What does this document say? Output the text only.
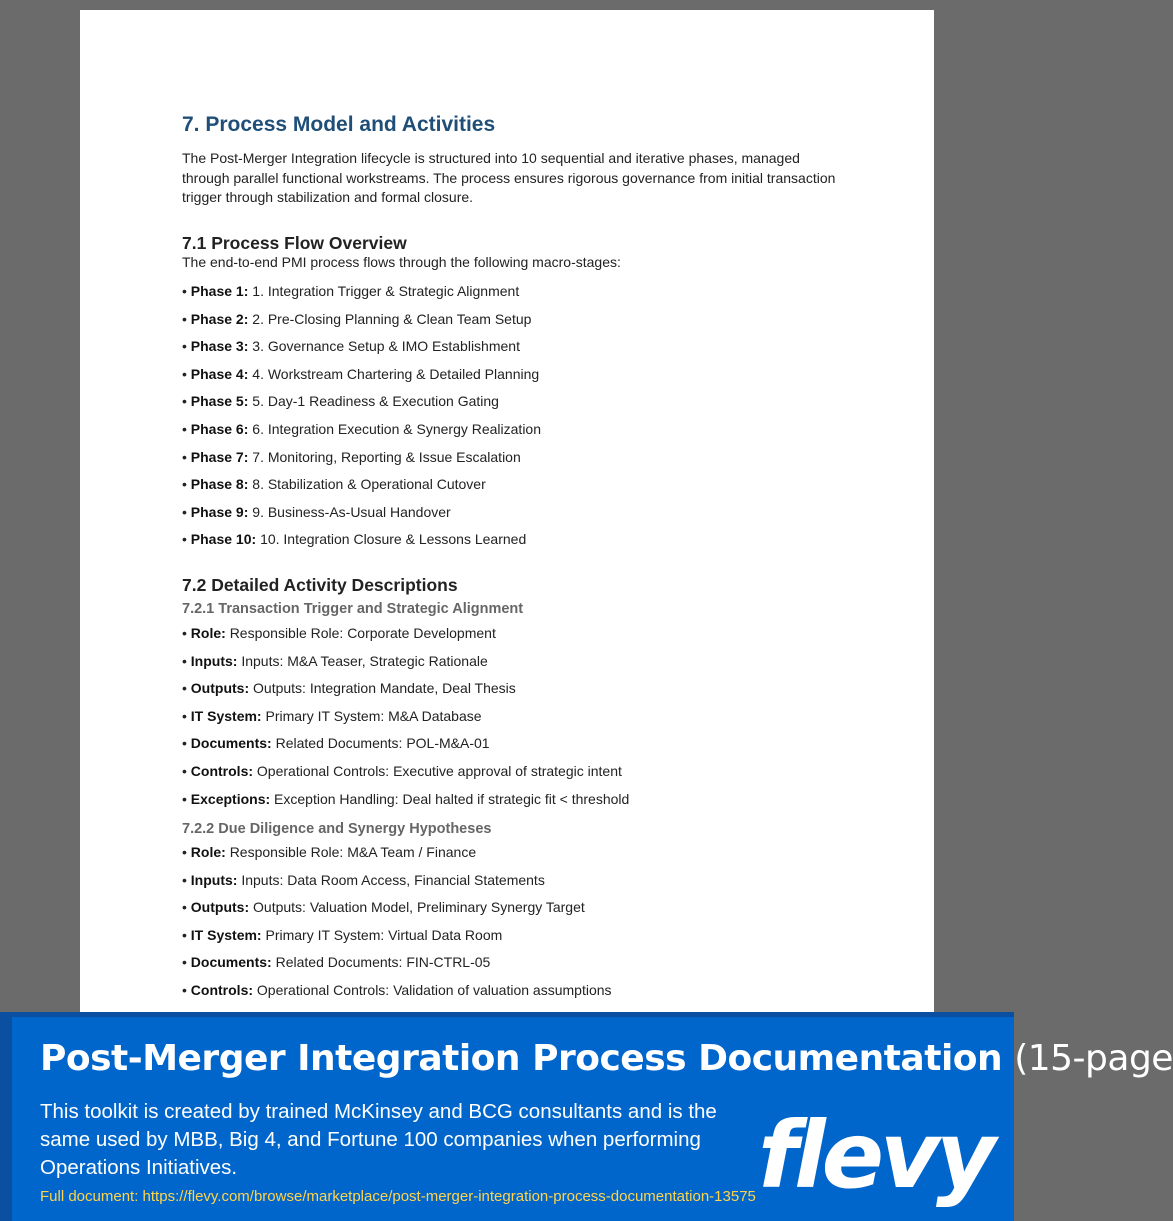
7. Process Model and Activities

The Post-Merger Integration lifecycle is structured into 10 sequential and iterative phases, managed through parallel functional workstreams. The process ensures rigorous governance from initial transaction trigger through stabilization and formal closure.

7.1 Process Flow Overview

The end-to-end PMI process flows through the following macro-stages:

• Phase 1: 1. Integration Trigger & Strategic Alignment
• Phase 2: 2. Pre-Closing Planning & Clean Team Setup
• Phase 3: 3. Governance Setup & IMO Establishment
• Phase 4: 4. Workstream Chartering & Detailed Planning
• Phase 5: 5. Day-1 Readiness & Execution Gating
• Phase 6: 6. Integration Execution & Synergy Realization
• Phase 7: 7. Monitoring, Reporting & Issue Escalation
• Phase 8: 8. Stabilization & Operational Cutover
• Phase 9: 9. Business-As-Usual Handover
• Phase 10: 10. Integration Closure & Lessons Learned
7.2 Detailed Activity Descriptions
7.2.1 Transaction Trigger and Strategic Alignment
• Role: Responsible Role: Corporate Development
• Inputs: Inputs: M&A Teaser, Strategic Rationale
• Outputs: Outputs: Integration Mandate, Deal Thesis
• IT System: Primary IT System: M&A Database
• Documents: Related Documents: POL-M&A-01
• Controls: Operational Controls: Executive approval of strategic intent
• Exceptions: Exception Handling: Deal halted if strategic fit < threshold
7.2.2 Due Diligence and Synergy Hypotheses
• Role: Responsible Role: M&A Team / Finance
• Inputs: Inputs: Data Room Access, Financial Statements
• Outputs: Outputs: Valuation Model, Preliminary Synergy Target
• IT System: Primary IT System: Virtual Data Room
• Documents: Related Documents: FIN-CTRL-05
• Controls: Operational Controls: Validation of valuation assumptions
Post-Merger Integration Process Documentation (15-page

This toolkit is created by trained McKinsey and BCG consultants and is the same used by MBB, Big 4, and Fortune 100 companies when performing Operations Initiatives.

Full document: https://flevy.com/browse/marketplace/post-merger-integration-process-documentation-13575 flevy
